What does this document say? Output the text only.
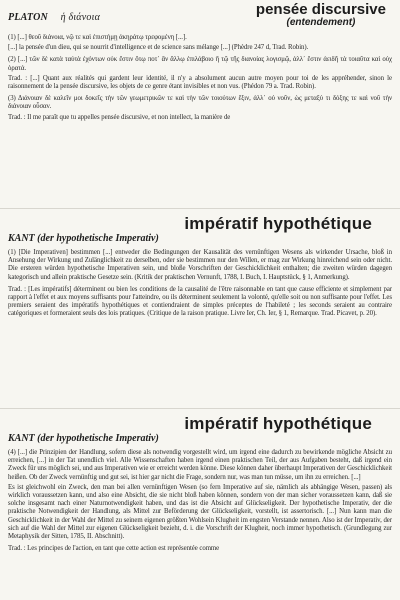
PLATON ἡ διάνοια	pensée discursive
(entendement)

(1) [...] θεοῦ διάνοια, νῷ τε καὶ ἐπιστήμῃ ἀκηράτῳ τρεφομένη [...].

[...] la pensée d'un dieu, qui se nourrit d'intelligence et de science sans mélange [...] (Phèdre 247 d, Trad. Robin).

(2) [...] τῶν δὲ κατὰ ταὐτὰ ἐχόντων οὐκ ἔστιν ὅτῳ ποτ᾽ ἂν ἄλλῳ ἐπιλάβοιο ἢ τῷ τῆς διανοίας λογισμῷ, ἀλλ᾽ ἔστιν ἀειδῆ τὰ τοιαῦτα καὶ οὐχ ὁρατά.

Trad. : [...] Quant aux réalités qui gardent leur identité, il n'y a absolument aucun autre moyen pour toi de les appréhender, sinon le raisonnement de la pensée discursive, les objets de ce genre étant invisibles et non vus. (Phédon 79 a. Trad. Robin).

(3) Διάνοιαν δὲ καλεῖν μοι δοκεῖς τὴν τῶν γεωμετρικῶν τε καὶ τὴν τῶν τοιούτων ἕξιν, ἀλλ᾽ οὐ νοῦν, ὡς μεταξύ τι δόξης τε καὶ νοῦ τὴν διάνοιαν οὖσαν.

Trad. : Il me paraît que tu appelles pensée discursive, et non intellect, la manière de

impératif hypothétique
KANT (der hypothetische Imperativ)

(1) [Die Imperativen] bestimmen [...] entweder die Bedingungen der Kausalität des vernünftigen Wesens als wirkender Ursache, bloß in Ansehung der Wirkung und Zulänglichkeit zu derselben, oder sie bestimmen nur den Willen, er mag zur Wirkung hinreichend sein oder nicht. Die ersteren würden hypothetische Imperativen sein, und bloße Vorschriften der Geschicklichkeit enthalten; die zweiten würden dagegen kategorisch und allein praktische Gesetze sein. (Kritik der praktischen Vernunft, 1788, I. Buch, I. Hauptstück, § 1, Anmerkung).

Trad. : [Les impératifs] déterminent ou bien les conditions de la causalité de l'être raisonnable en tant que cause efficiente et simplement par rapport à l'effet et aux moyens suffisants pour l'atteindre, ou ils déterminent seulement la volonté, qu'elle soit ou non suffisante pour l'effet. Les premiers seraient des impératifs hypothétiques et contiendraient de simples préceptes de l'habileté ; les seconds seraient au contraire catégoriques et formeraient seuls des lois pratiques. (Critique de la raison pratique. Livre Ier, Ch. Ier, § 1, Remarque. Trad. Picavet, p. 20).

impératif hypothétique
KANT (der hypothetische Imperativ)

(4) [...] die Prinzipien der Handlung, sofern diese als notwendig vorgestellt wird, um irgend eine dadurch zu bewirkende mögliche Absicht zu erreichen, [...] in der Tat unendlich viel. Alle Wissenschaften haben irgend einen praktischen Teil, der aus Aufgaben besteht, daß irgend ein Zweck für uns möglich sei, und aus Imperativen wie er erreicht werden könne. Diese können daher überhaupt Imperativen der Geschicklichkeit heißen. Ob der Zweck vernünftig und gut sei, ist hier gar nicht die Frage, sondern nur, was man tun müsse, um ihn zu erreichen. [...]

Es ist gleichwohl ein Zweck, den man bei allen vernünftigen Wesen (so fern Imperative auf sie, nämlich als abhängige Wesen, passen) als wirklich voraussetzen kann, und also eine Absicht, die sie nicht bloß haben können, sondern von der man sicher voraussetzen kann, daß sie solche insgesamt nach einer Naturnotwendigkeit haben, und das ist die Absicht auf Glückseligkeit. Der hypothetische Imperativ, der die praktische Notwendigkeit der Handlung, als Mittel zur Beförderung der Glückseligkeit, vorstellt, ist assertorisch. [...] Nun kann man die Geschicklichkeit in der Wahl der Mittel zu seinem eigenen größten Wohlsein Klugheit im engsten Verstande nennen. Also ist der Imperativ, der sich auf die Wahl der Mittel zur eigenen Glückseligkeit bezieht, d. i. die Vorschrift der Klugheit, noch immer hypothetisch. (Grundlegung zur Metaphysik der Sitten, 1785, II. Abschnitt).

Trad. : Les principes de l'action, en tant que cette action est représentée comme
